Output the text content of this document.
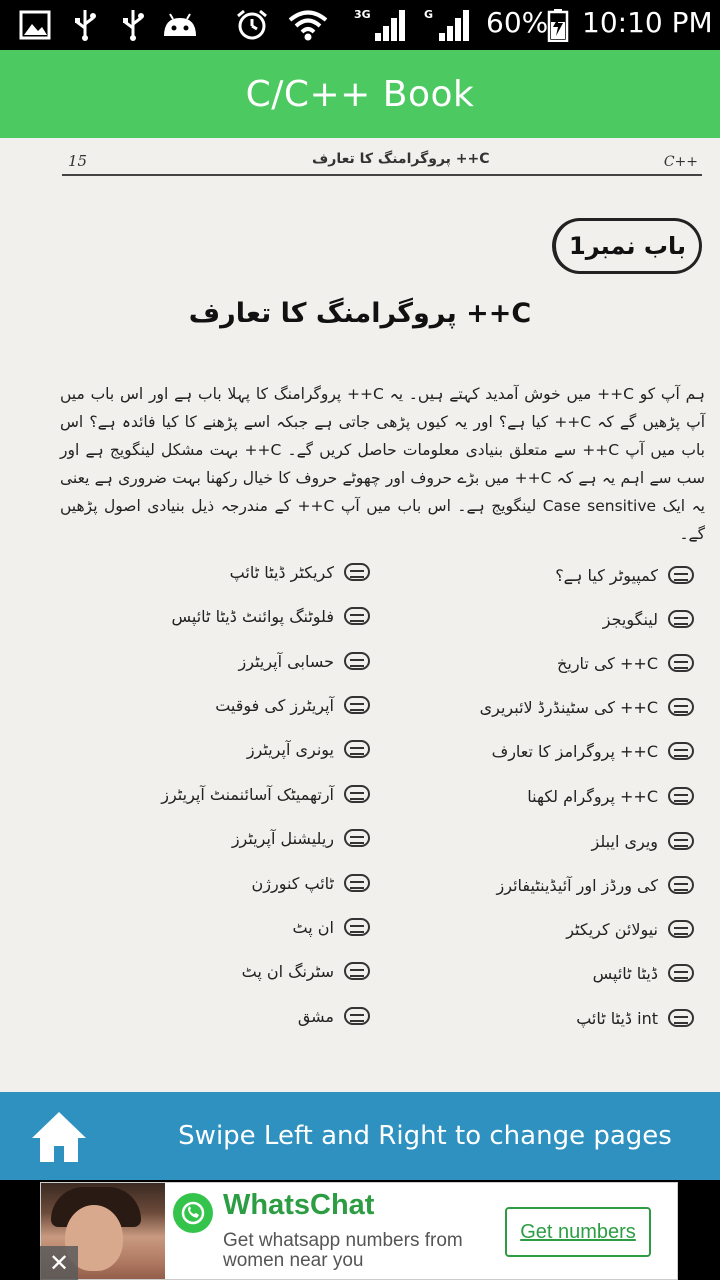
3G	G 60% 10:10 PM
C/C++ Book
15	C++ پروگرامنگ کا تعارف	C++
باب نمبر1
C++ پروگرامنگ کا تعارف

ہم آپ کو C++ میں خوش آمدید کہتے ہیں۔ یہ C++ پروگرامنگ کا پہلا باب ہے اور اس باب میں آپ پڑھیں گے کہ C++ کیا ہے؟ اور یہ کیوں پڑھی جاتی ہے جبکہ اسے پڑھنے کا کیا فائدہ ہے؟ اس باب میں آپ C++ سے متعلق بنیادی معلومات حاصل کریں گے۔ C++ بہت مشکل لینگویج ہے اور سب سے اہم یہ ہے کہ C++ میں بڑے حروف اور چھوٹے حروف کا خیال رکھنا بہت ضروری ہے یعنی یہ ایک Case sensitive لینگویج ہے۔ اس باب میں آپ C++ کے مندرجہ ذیل بنیادی اصول پڑھیں گے۔

کمپیوٹر کیا ہے؟
لینگویجز
C++ کی تاریخ
C++ کی سٹینڈرڈ لائبریری
C++ پروگرامز کا تعارف
C++ پروگرام لکھنا
ویری ایبلز
کی ورڈز اور آئیڈینٹیفائرز
نیولائن کریکٹر
ڈیٹا ٹائپس
int ڈیٹا ٹائپ
کریکٹر ڈیٹا ٹائپ
فلوٹنگ پوائنٹ ڈیٹا ٹائپس
حسابی آپریٹرز
آپریٹرز کی فوقیت
یونری آپریٹرز
آرتھمیٹک آسائنمنٹ آپریٹرز
ریلیشنل آپریٹرز
ٹائپ کنورژن
ان پٹ
سٹرنگ ان پٹ
مشق
Swipe Left and Right to change pages
WhatsChat
Get whatsapp numbers from women near you
Get numbers
✕
